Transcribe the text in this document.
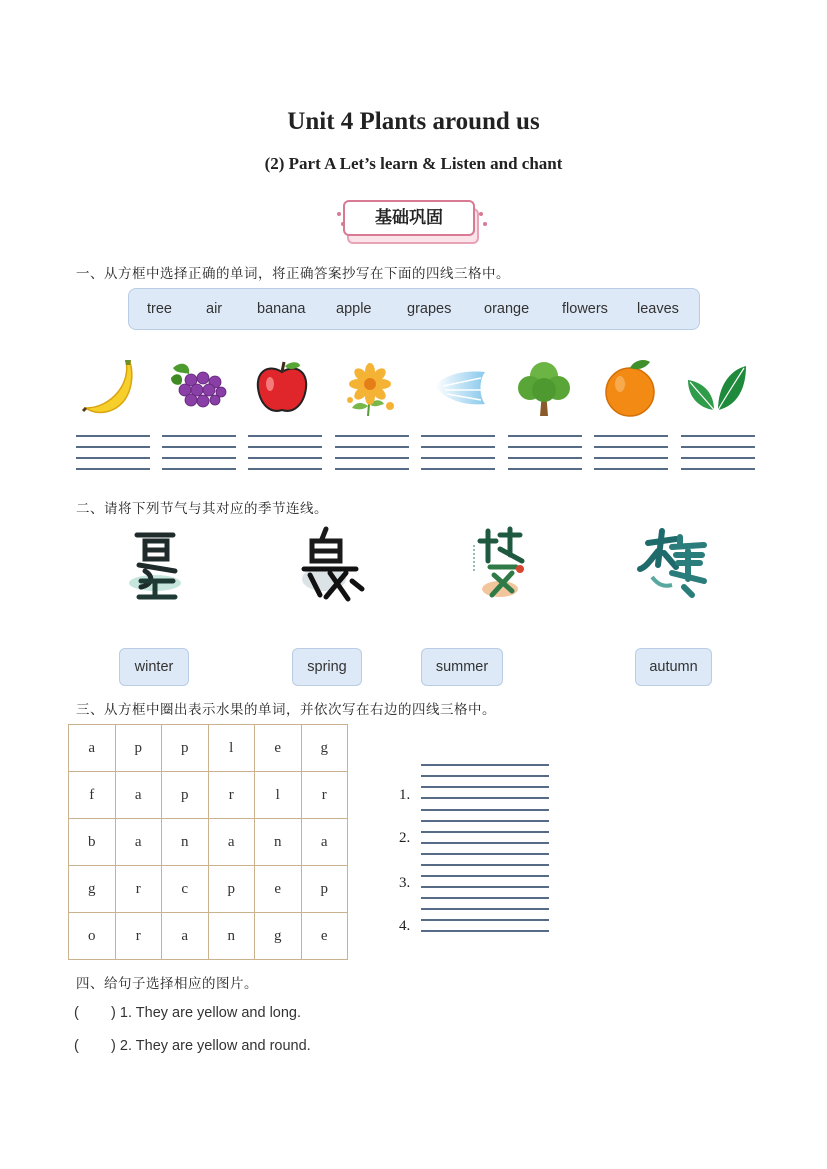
Unit 4 Plants around us
(2) Part A Let’s learn & Listen and chant
基础巩固
一、从方框中选择正确的单词，将正确答案抄写在下面的四线三格中。
tree air banana apple grapes orange flowers leaves
二、请将下列节气与其对应的季节连线。
winter	spring	summer	autumn
三、从方框中圈出表示水果的单词，并依次写在右边的四线三格中。
a	p	p	l	e	g
f	a	p	r	l	r
b	a	n	a	n	a
g	r	c	p	e	p
o	r	a	n	g	e
1.
2.
3.
4.
四、给句子选择相应的图片。
(        ) 1. They are yellow and long.
(        ) 2. They are yellow and round.
